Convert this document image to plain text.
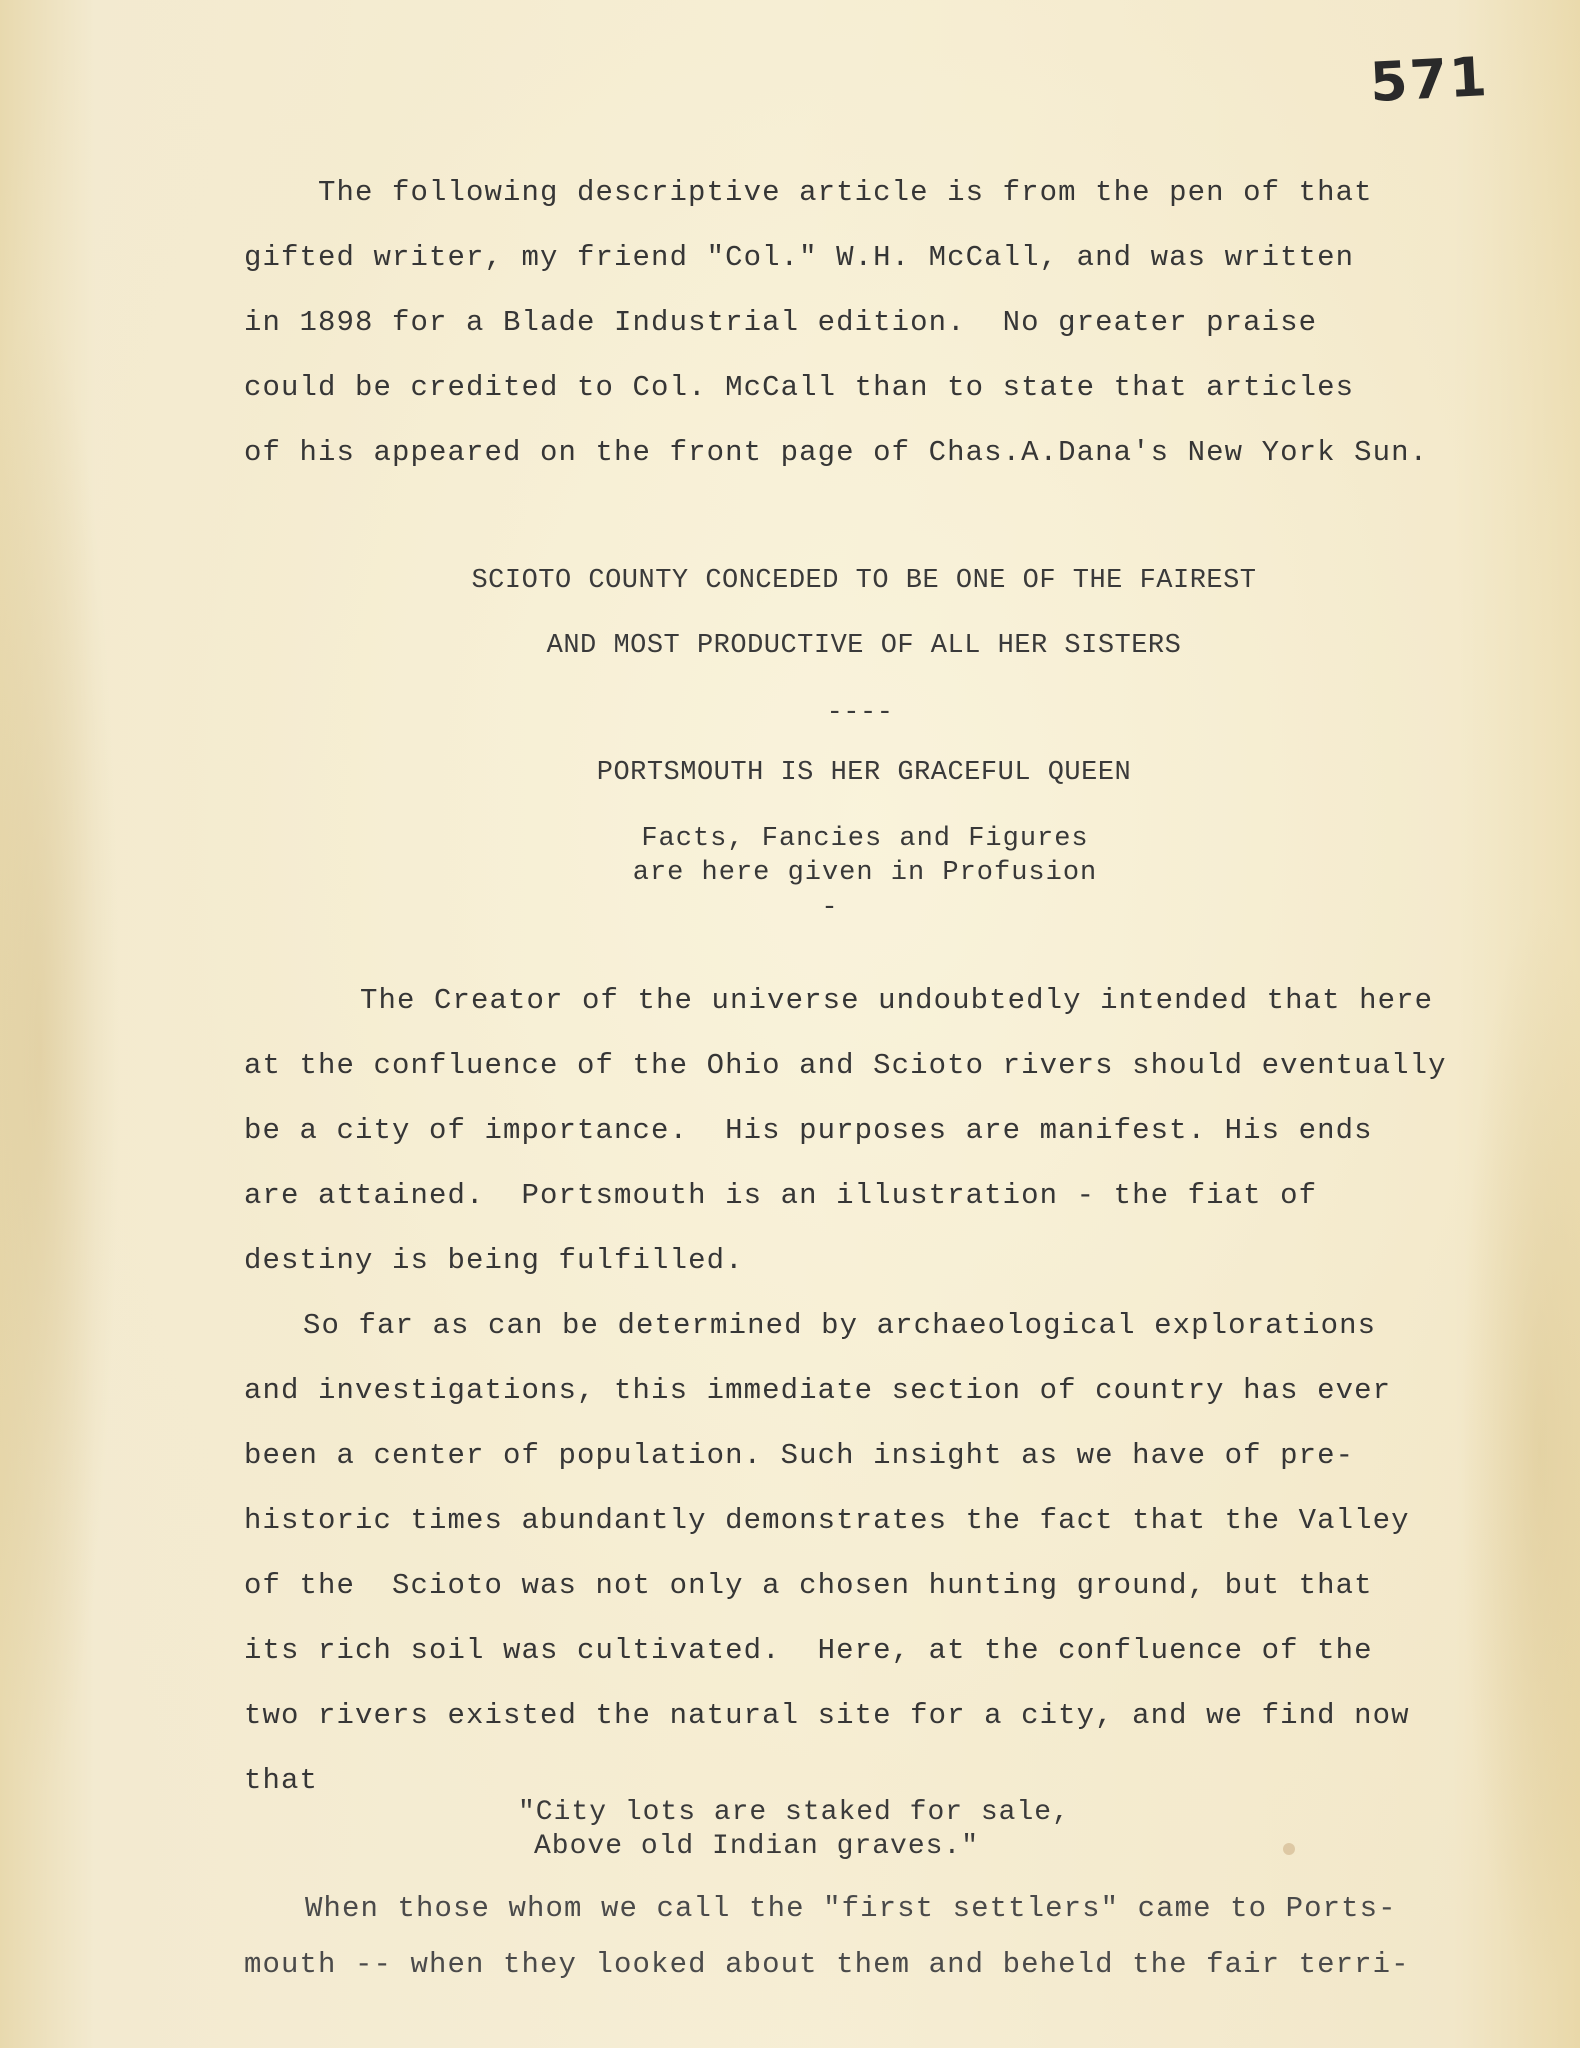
571
The following descriptive article is from the pen of that
gifted writer, my friend "Col." W.H. McCall, and was written
in 1898 for a Blade Industrial edition.  No greater praise
could be credited to Col. McCall than to state that articles
of his appeared on the front page of Chas.A.Dana's New York Sun.
SCIOTO COUNTY CONCEDED TO BE ONE OF THE FAIREST
AND MOST PRODUCTIVE OF ALL HER SISTERS
----
PORTSMOUTH IS HER GRACEFUL QUEEN
Facts, Fancies and Figures
are here given in Profusion
-
The Creator of the universe undoubtedly intended that here
at the confluence of the Ohio and Scioto rivers should eventually
be a city of importance.  His purposes are manifest. His ends
are attained.  Portsmouth is an illustration - the fiat of
destiny is being fulfilled.
So far as can be determined by archaeological explorations
and investigations, this immediate section of country has ever
been a center of population. Such insight as we have of pre-
historic times abundantly demonstrates the fact that the Valley
of the  Scioto was not only a chosen hunting ground, but that
its rich soil was cultivated.  Here, at the confluence of the
two rivers existed the natural site for a city, and we find now
that
"City lots are staked for sale,
Above old Indian graves."
When those whom we call the "first settlers" came to Ports-
mouth -- when they looked about them and beheld the fair terri-
